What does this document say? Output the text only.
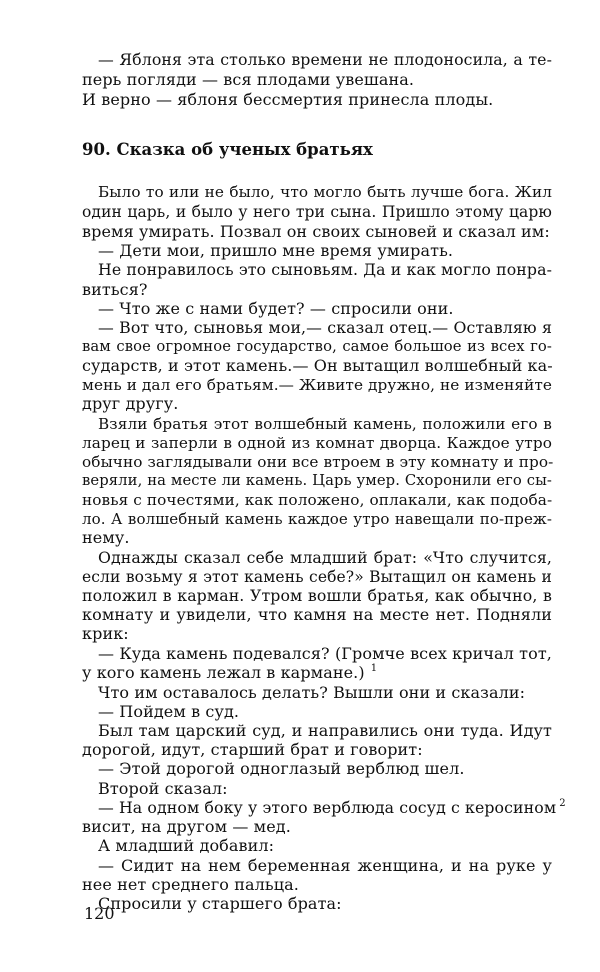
— Яблоня эта столько времени не плодоносила, а те-
перь погляди — вся плодами увешана.
И верно — яблоня бессмертия принесла плоды.
90. Сказка об ученых братьях
Было то или не было, что могло быть лучше бога. Жил
один царь, и было у него три сына. Пришло этому царю
время умирать. Позвал он своих сыновей и сказал им:
— Дети мои, пришло мне время умирать.
Не понравилось это сыновьям. Да и как могло понра-
виться?
— Что же с нами будет? — спросили они.
— Вот что, сыновья мои,— сказал отец.— Оставляю я
вам свое огромное государство, самое большое из всех го-
сударств, и этот камень.— Он вытащил волшебный ка-
мень и дал его братьям.— Живите дружно, не изменяйте
друг другу.
Взяли братья этот волшебный камень, положили его в
ларец и заперли в одной из комнат дворца. Каждое утро
обычно заглядывали они все втроем в эту комнату и про-
веряли, на месте ли камень. Царь умер. Схоронили его сы-
новья с почестями, как положено, оплакали, как подоба-
ло. А волшебный камень каждое утро навещали по-преж-
нему.
Однажды сказал себе младший брат: «Что случится,
если возьму я этот камень себе?» Вытащил он камень и
положил в карман. Утром вошли братья, как обычно, в
комнату и увидели, что камня на месте нет. Подняли
крик:
— Куда камень подевался? (Громче всех кричал тот,
у кого камень лежал в кармане.) $^1$
Что им оставалось делать? Вышли они и сказали:
— Пойдем в суд.
Был там царский суд, и направились они туда. Идут
дорогой, идут, старший брат и говорит:
— Этой дорогой одноглазый верблюд шел.
Второй сказал:
— На одном боку у этого верблюда сосуд с керосином $^2$
висит, на другом — мед.
А младший добавил:
— Сидит на нем беременная женщина, и на руке у
нее нет среднего пальца.
Спросили у старшего брата:
120
